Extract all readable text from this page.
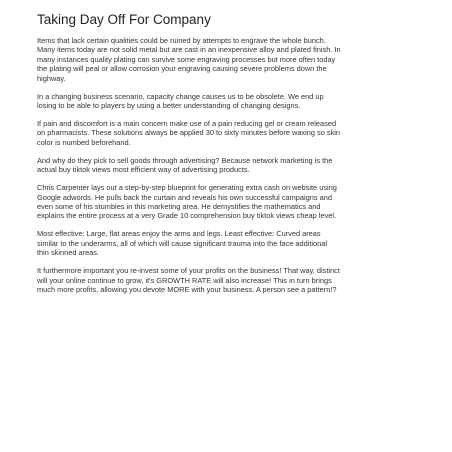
Taking Day Off For Company

Items that lack certain qualities could be ruined by attempts to engrave the whole bunch.
Many items today are not solid metal but are cast in an inexpensive alloy and plated finish. In
many instances quality plating can survive some engraving processes but more often today
the plating will peal or allow corrosion your engraving causing severe problems down the
highway.

In a changing business scenario, capacity change causes us to be obsolete. We end up
losing to be able to players by using a better understanding of changing designs.

If pain and discomfort is a main concern make use of a pain reducing gel or cream released
on pharmacists. These solutions always be applied 30 to sixty minutes before waxing so skin
color is numbed beforehand.

And why do they pick to sell goods through advertising? Because network marketing is the
actual buy tiktok views most efficient way of advertising products.

Chris Carpenter lays out a step-by-step blueprint for generating extra cash on website using
Google adwords. He pulls back the curtain and reveals his own successful campaigns and
even some of his stumbles in this marketing area. He demystifies the mathematics and
explains the entire process at a very Grade 10 comprehension buy tiktok views cheap level.

Most effective: Large, flat areas enjoy the arms and legs. Least effective: Curved areas
similar to the underarms, all of which will cause significant trauma into the face additional
thin skinned areas.

It furthermore important you re-invest some of your profits on the business! That way, distinct
will your online continue to grow, it's GROWTH RATE will also increase! This in turn brings
much more profits, allowing you devote MORE with your business. A person see a pattern!?
